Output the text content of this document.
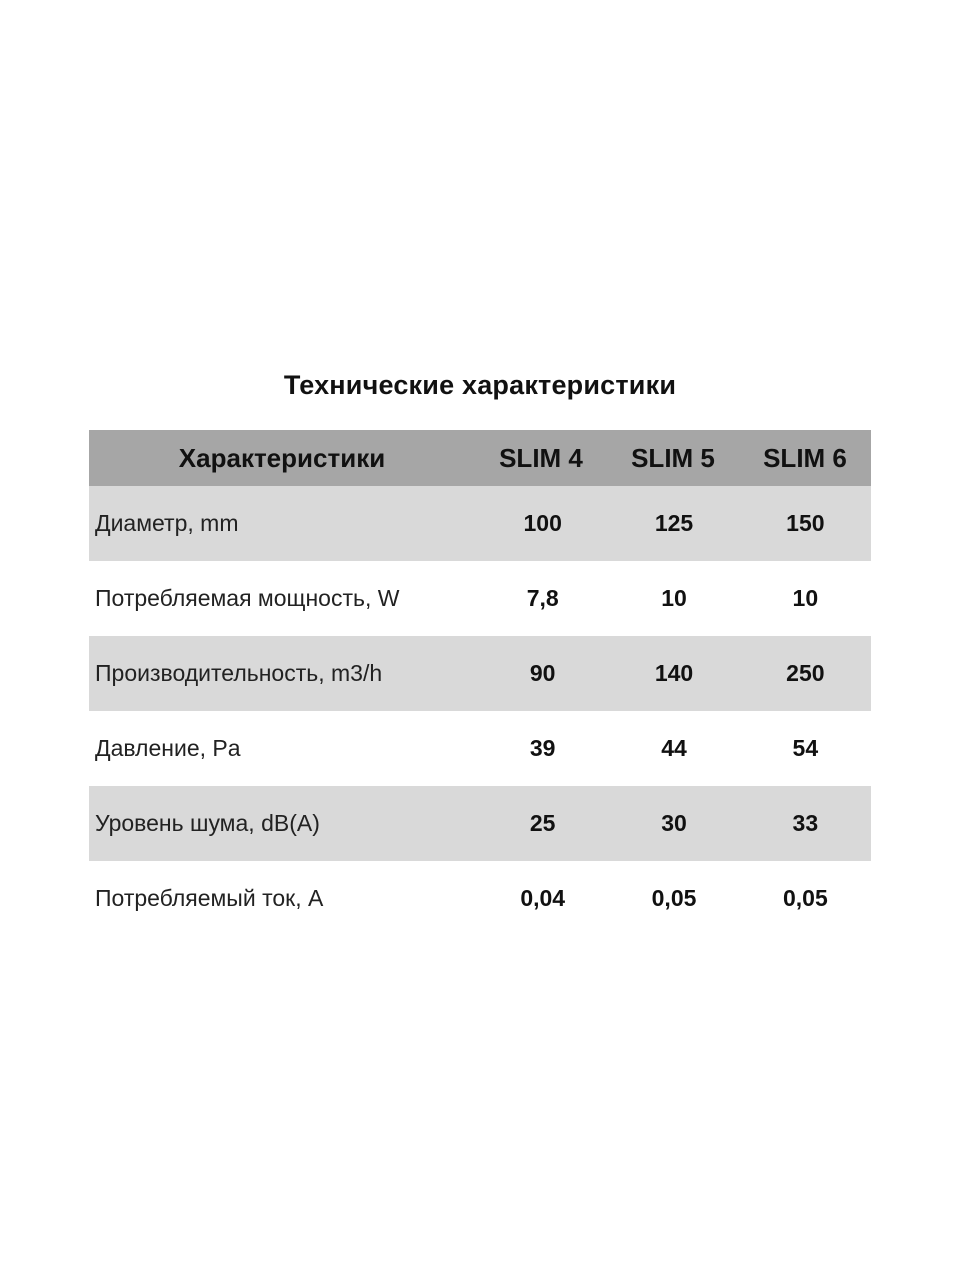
Технические характеристики
Характеристики	SLIM 4	SLIM 5	SLIM 6
Диаметр, mm	100	125	150
Потребляемая мощность, W	7,8	10	10
Производительность, m3/h	90	140	250
Давление, Pa	39	44	54
Уровень шума, dB(A)	25	30	33
Потребляемый ток, A	0,04	0,05	0,05
